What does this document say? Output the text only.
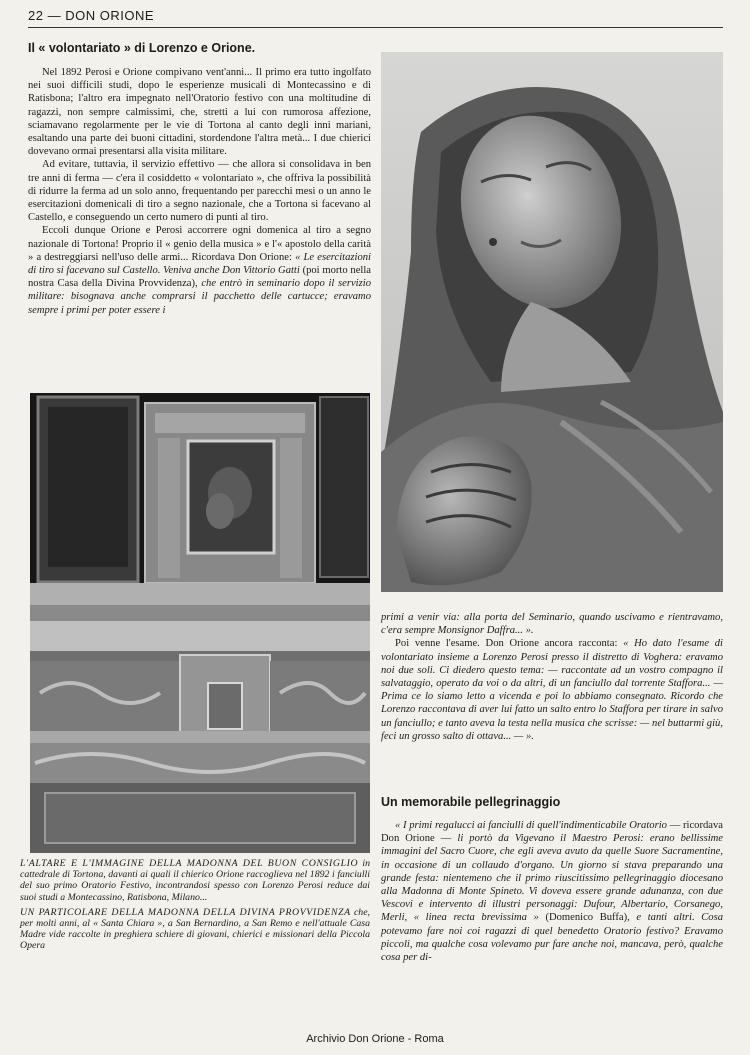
22 — DON ORIONE
Il « volontariato » di Lorenzo e Orione.

Nel 1892 Perosi e Orione compivano vent'anni... Il primo era tutto ingolfato nei suoi difficili studi, dopo le esperienze musicali di Montecassino e di Ratisbona; l'altro era impegnato nell'Oratorio festivo con una moltitudine di ragazzi, non sempre calmissimi, che, stretti a lui con rumorosa affezione, sciamavano regolarmente per le vie di Tortona al canto degli inni mariani, esaltando una parte dei buoni cittadini, stordendone l'altra metà... I due chierici dovevano ormai presentarsi alla visita militare.

Ad evitare, tuttavia, il servizio effettivo — che allora si consolidava in ben tre anni di ferma — c'era il cosiddetto « volontariato », che offriva la possibilità di ridurre la ferma ad un solo anno, frequentando per parecchi mesi o un anno le esercitazioni domenicali di tiro a segno nazionale, che a Tortona si facevano al Castello, e conseguendo un certo numero di punti al tiro.

Eccoli dunque Orione e Perosi accorrere ogni domenica al tiro a segno nazionale di Tortona! Proprio il « genio della musica » e l'« apostolo della carità » a destreggiarsi nell'uso delle armi... Ricordava Don Orione: « Le esercitazioni di tiro si facevano sul Castello. Veniva anche Don Vittorio Gatti (poi morto nella nostra Casa della Divina Provvidenza), che entrò in seminario dopo il servizio militare: bisognava anche comprarsi il pacchetto delle cartucce; eravamo sempre i primi per poter essere i

L'ALTARE E L'IMMAGINE DELLA MADONNA DEL BUON CONSIGLIO in cattedrale di Tortona, davanti ai quali il chierico Orione raccoglieva nel 1892 i fanciulli del suo primo Oratorio Festivo, incontrandosi spesso con Lorenzo Perosi reduce dai suoi studi a Montecassino, Ratisbona, Milano...

UN PARTICOLARE DELLA MADONNA DELLA DIVINA PROVVIDENZA che, per molti anni, al « Santa Chiara », a San Bernardino, a San Remo e nell'attuale Casa Madre vide raccolte in preghiera schiere di giovani, chierici e missionari della Piccola Opera

primi a venir via: alla porta del Seminario, quando uscivamo e rientravamo, c'era sempre Monsignor Daffra... ».

Poi venne l'esame. Don Orione ancora racconta: « Ho dato l'esame di volontariato insieme a Lorenzo Perosi presso il distretto di Voghera: eravamo noi due soli. Ci diedero questo tema: — raccontate ad un vostro compagno il salvataggio, operato da voi o da altri, di un fanciullo dal torrente Staffora... — Prima ce lo siamo letto a vicenda e poi lo abbiamo consegnato. Ricordo che Lorenzo raccontava di aver lui fatto un salto entro lo Staffora per tirare in salvo un fanciullo; e tanto aveva la testa nella musica che scrisse: — nel buttarmi giù, feci un grosso salto di ottava... — ».

Un memorabile pellegrinaggio

« I primi regalucci ai fanciulli di quell'indimenticabile Oratorio — ricordava Don Orione — li portò da Vigevano il Maestro Perosi: erano bellissime immagini del Sacro Cuore, che egli aveva avuto da quelle Suore Sacramentine, in occasione di un collaudo d'organo. Un giorno si stava preparando una grande festa: nientemeno che il primo riuscitissimo pellegrinaggio diocesano alla Madonna di Monte Spineto. Vi doveva essere grande adunanza, con due Vescovi e intervento di illustri personaggi: Dufour, Albertario, Corsanego, Merli, « linea recta brevissima » (Domenico Buffa), e tanti altri. Cosa potevamo fare noi coi ragazzi di quel benedetto Oratorio festivo? Eravamo piccoli, ma qualche cosa volevamo pur fare anche noi, mancava, però, qualche cosa per di-

Archivio Don Orione - Roma
